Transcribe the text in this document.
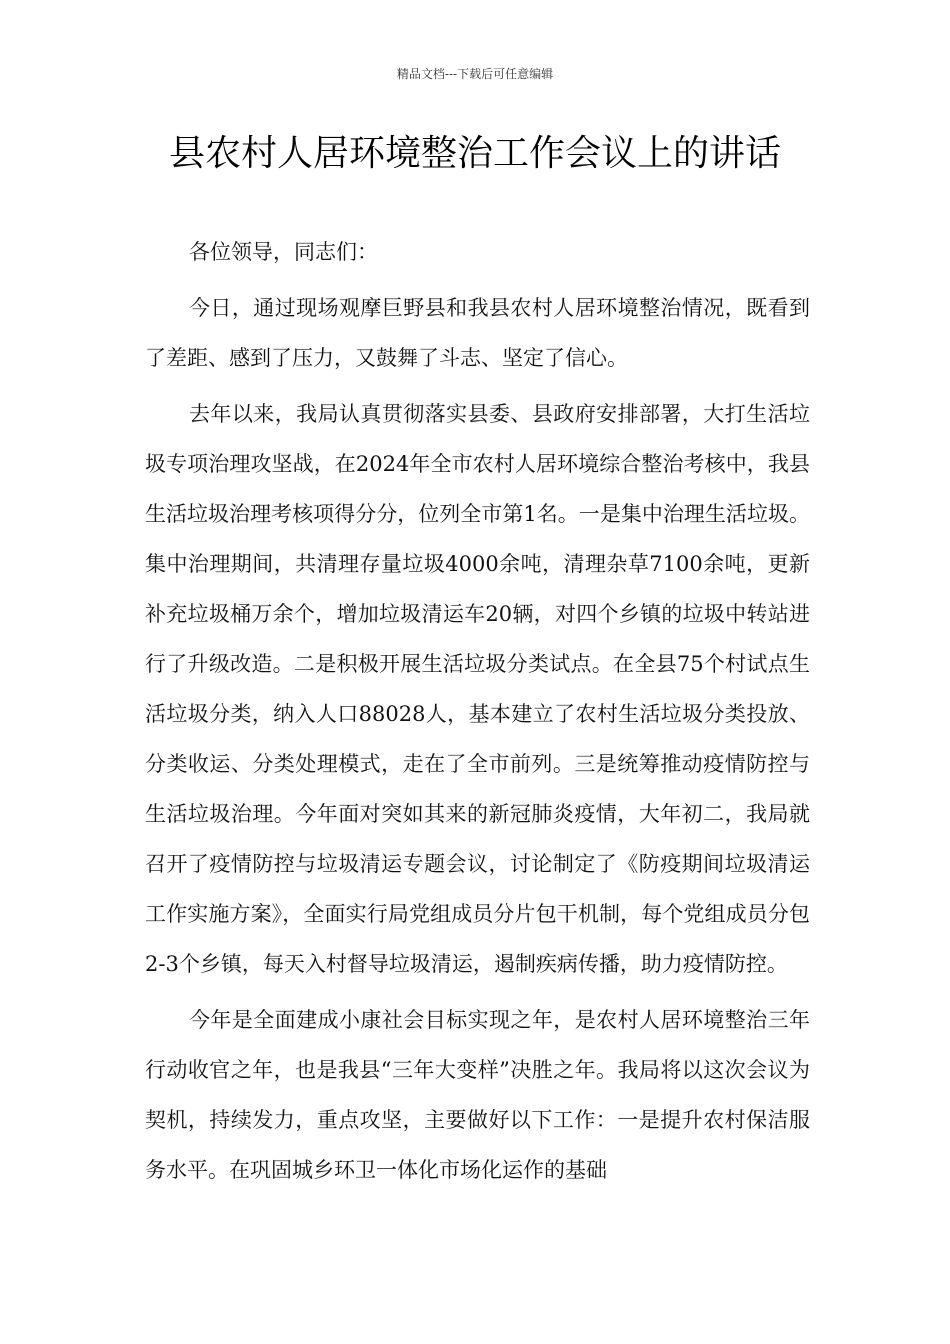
精品文档---下载后可任意编辑
县农村人居环境整治工作会议上的讲话

各位领导，同志们：

今日，通过现场观摩巨野县和我县农村人居环境整治情况，既看到了差距、感到了压力，又鼓舞了斗志、坚定了信心。

去年以来，我局认真贯彻落实县委、县政府安排部署，大打生活垃圾专项治理攻坚战，在2024年全市农村人居环境综合整治考核中，我县生活垃圾治理考核项得分分，位列全市第1名。一是集中治理生活垃圾。集中治理期间，共清理存量垃圾4000余吨，清理杂草7100余吨，更新补充垃圾桶万余个，增加垃圾清运车20辆，对四个乡镇的垃圾中转站进行了升级改造。二是积极开展生活垃圾分类试点。在全县75个村试点生活垃圾分类，纳入人口88028人，基本建立了农村生活垃圾分类投放、分类收运、分类处理模式，走在了全市前列。三是统筹推动疫情防控与生活垃圾治理。今年面对突如其来的新冠肺炎疫情，大年初二，我局就召开了疫情防控与垃圾清运专题会议，讨论制定了《防疫期间垃圾清运工作实施方案》，全面实行局党组成员分片包干机制，每个党组成员分包2-3个乡镇，每天入村督导垃圾清运，遏制疾病传播，助力疫情防控。

今年是全面建成小康社会目标实现之年，是农村人居环境整治三年行动收官之年，也是我县“三年大变样”决胜之年。我局将以这次会议为契机，持续发力，重点攻坚，主要做好以下工作：一是提升农村保洁服务水平。在巩固城乡环卫一体化市场化运作的基础
